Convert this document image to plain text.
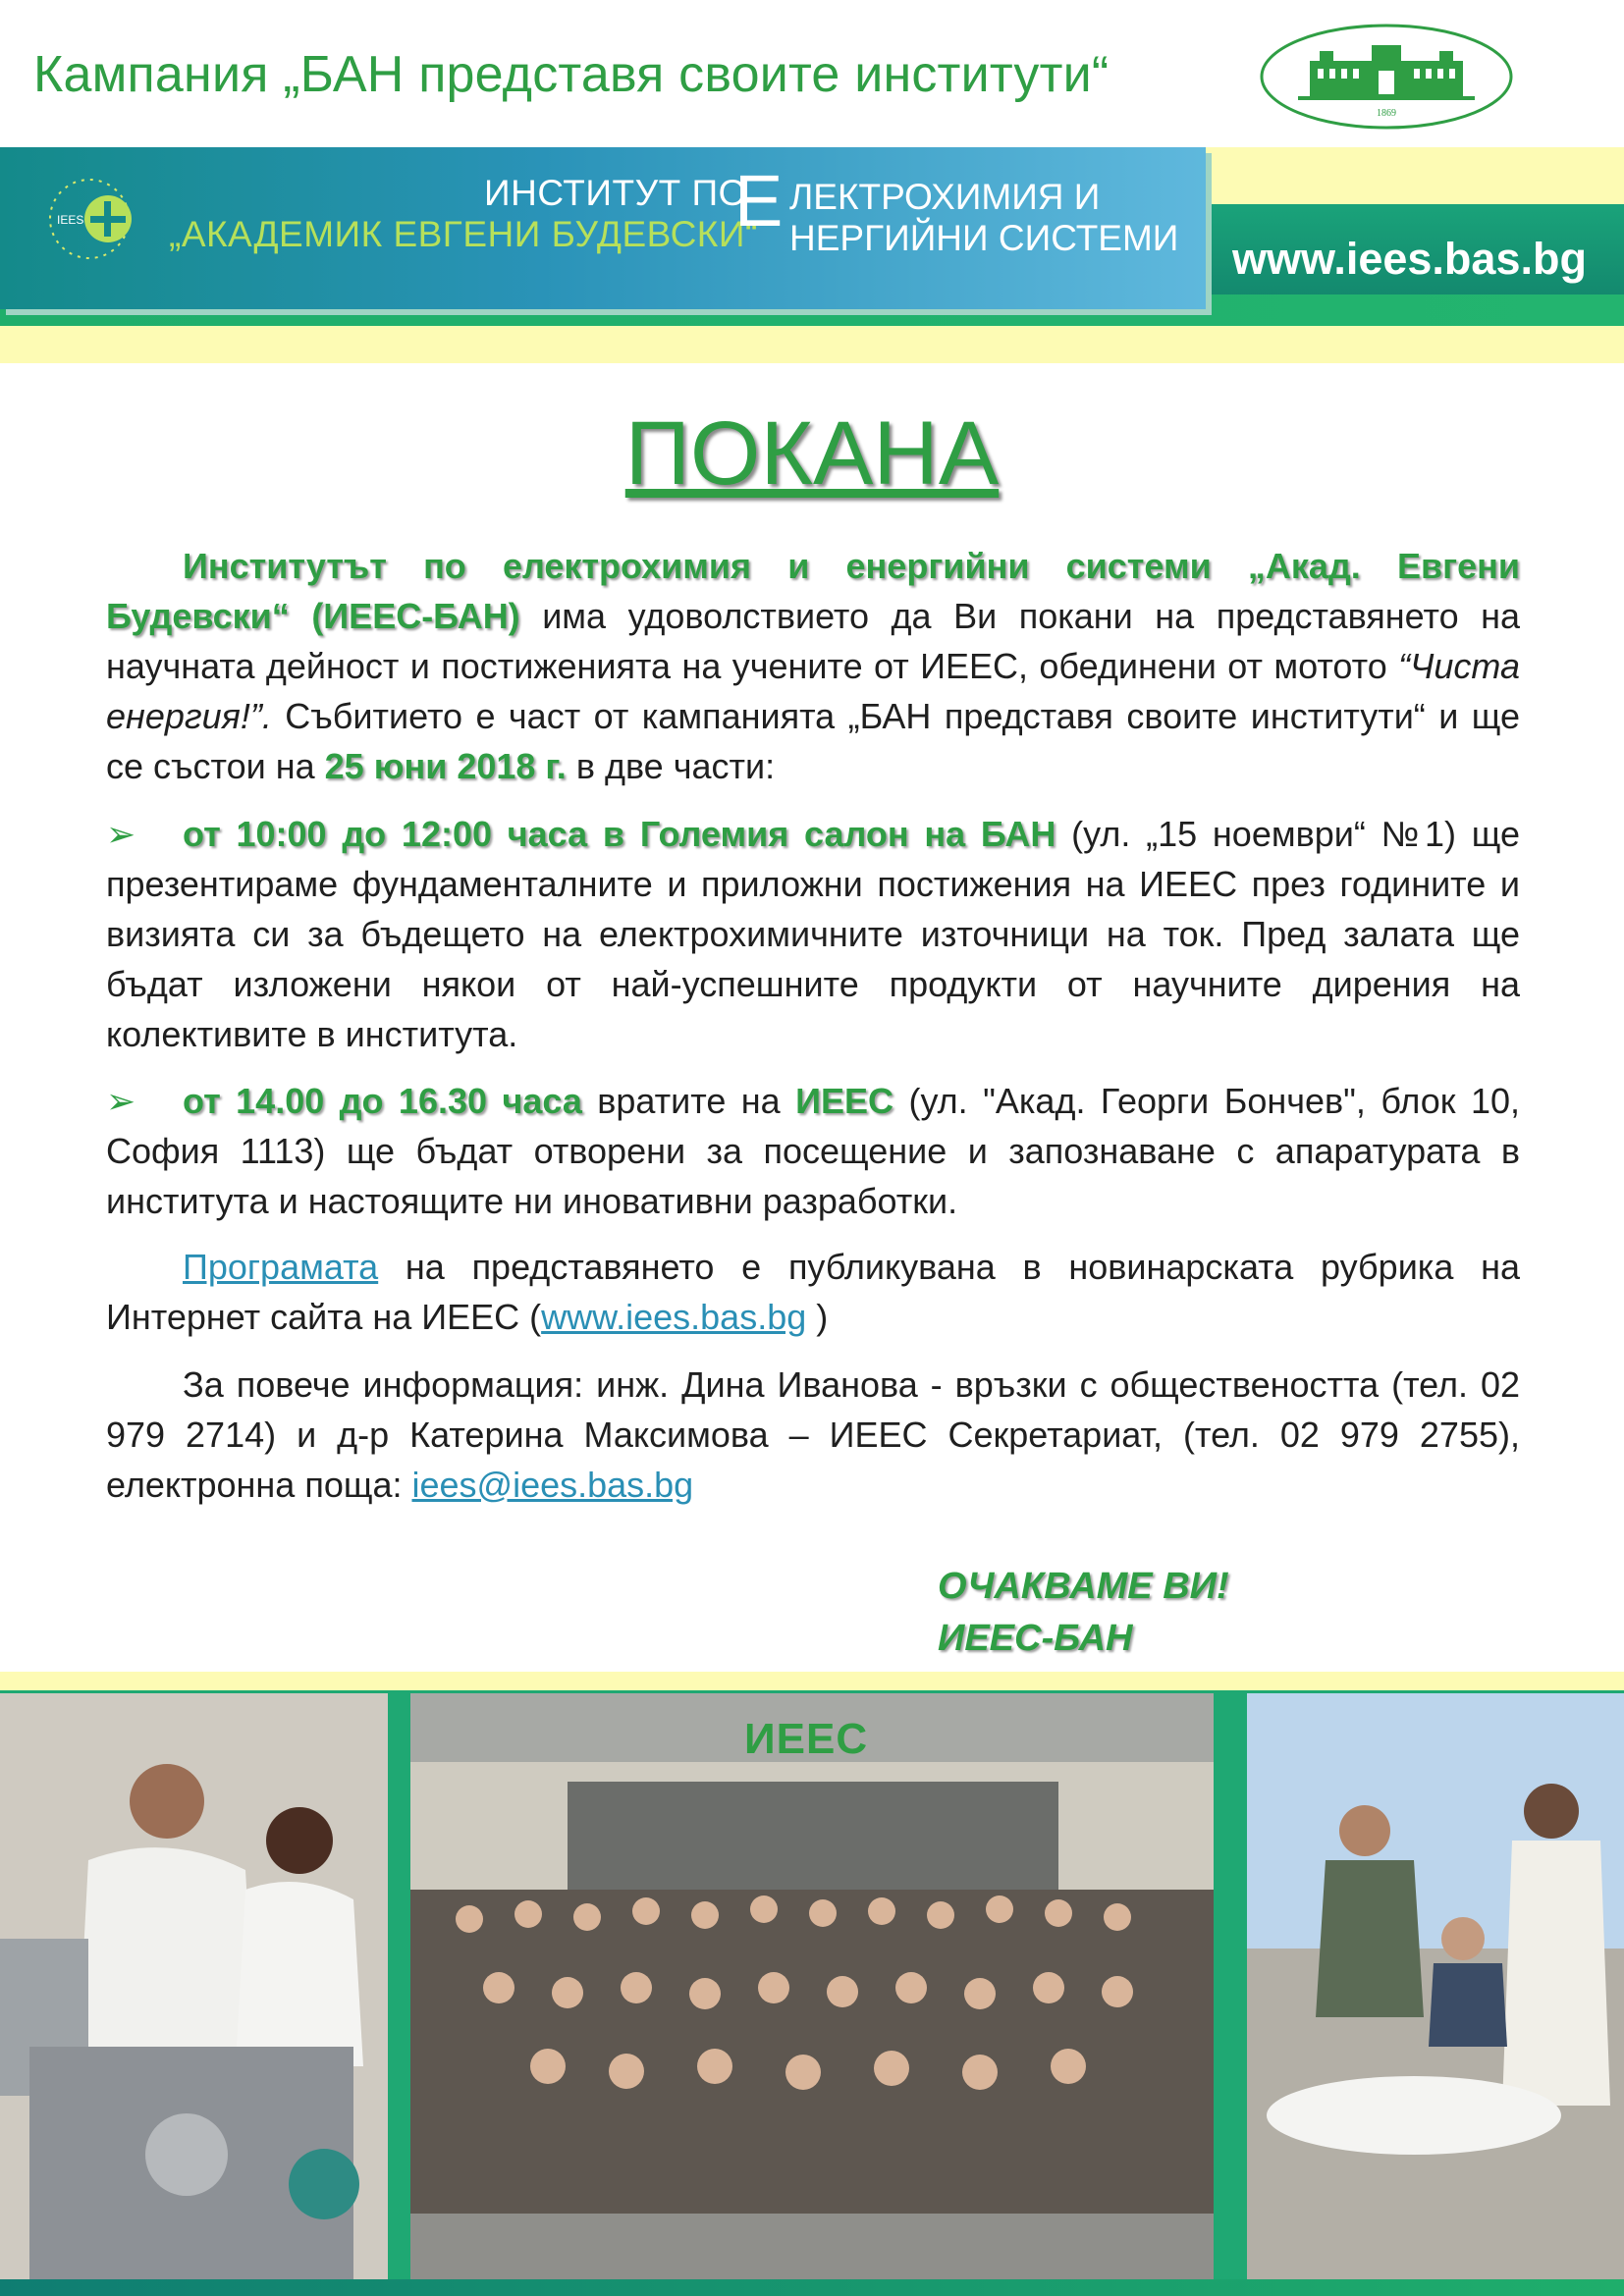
Кампания „БАН представя своите институти“
1869
IEES
ИНСТИТУТ ПО
„АКАДЕМИК ЕВГЕНИ БУДЕВСКИ“
Е ЛЕКТРОХИМИЯ И
НЕРГИЙНИ СИСТЕМИ www.iees.bas.bg
ПОКАНА
Институтът по електрохимия и енергийни системи „Акад. Евгени Будевски“ (ИЕЕС-БАН) има удоволствието да Ви покани на представянето на научната дейност и постиженията на учените от ИЕЕС, обединени от мотото “Чиста енергия!”. Събитието е част от кампанията „БАН представя своите институти“ и ще се състои на 25 юни 2018 г. в две части:
➢ от 10:00 до 12:00 часа в Големия салон на БАН (ул. „15 ноември“ №1) ще презентираме фундаменталните и приложни постижения на ИЕЕС през годините и визията си за бъдещето на електрохимичните източници на ток. Пред залата ще бъдат изложени някои от най-успешните продукти от научните дирения на колективите в института.
➢ от 14.00 до 16.30 часа вратите на ИЕЕС (ул. "Акад. Георги Бончев", блок 10, София 1113) ще бъдат отворени за посещение и запознаване с апаратурата в института и настоящите ни иновативни разработки.
Програмата на представянето е публикувана в новинарската рубрика на Интернет сайта на ИЕЕС (www.iees.bas.bg )
За повече информация: инж. Дина Иванова - връзки с обществеността (тел. 02 979 2714) и д-р Катерина Максимова – ИЕЕС Секретариат, (тел. 02 979 2755), електронна поща: iees@iees.bas.bg
ОЧАКВАМЕ ВИ!
ИЕЕС-БАН
ИЕЕС
